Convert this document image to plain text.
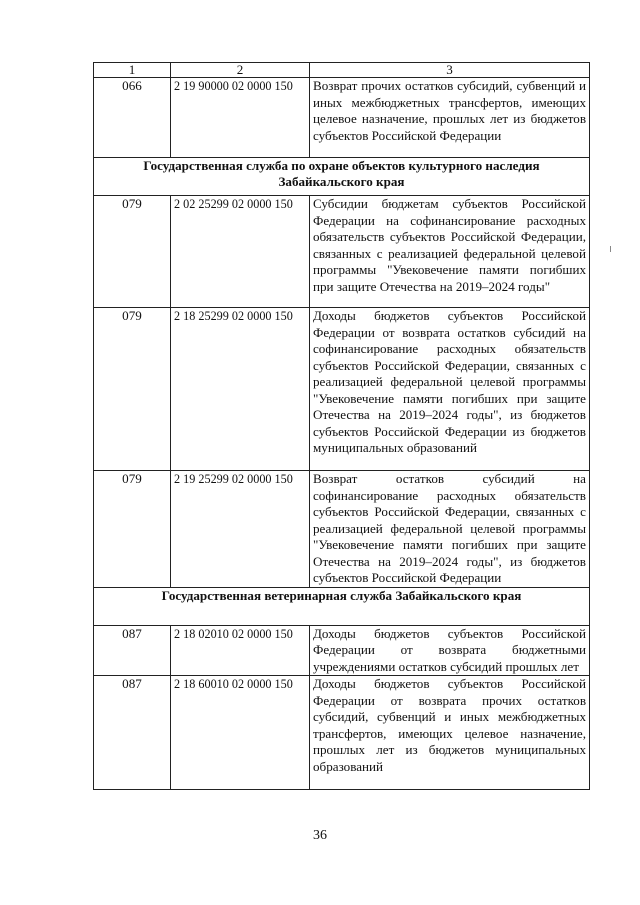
1	2	3
066	2 19 90000 02 0000 150	Возврат прочих остатков субсидий, субвенций и иных межбюджетных трансфертов, имеющих целевое назначение, прошлых лет из бюджетов субъектов Российской Федерации
Государственная служба по охране объектов культурного наследия Забайкальского края		
079	2 02 25299 02 0000 150	Субсидии бюджетам субъектов Российской Федерации на софинансирование расходных обязательств субъектов Российской Федерации, связанных с реализацией федеральной целевой программы "Увековечение памяти погибших при защите Отечества на 2019–2024 годы"
079	2 18 25299 02 0000 150	Доходы бюджетов субъектов Российской Федерации от возврата остатков субсидий на софинансирование расходных обязательств субъектов Российской Федерации, связанных с реализацией федеральной целевой программы "Увековечение памяти погибших при защите Отечества на 2019–2024 годы", из бюджетов субъектов Российской Федерации из бюджетов муниципальных образований
079	2 19 25299 02 0000 150	Возврат остатков субсидий на софинансирование расходных обязательств субъектов Российской Федерации, связанных с реализацией федеральной целевой программы "Увековечение памяти погибших при защите Отечества на 2019–2024 годы", из бюджетов субъектов Российской Федерации
Государственная ветеринарная служба Забайкальского края		
087	2 18 02010 02 0000 150	Доходы бюджетов субъектов Российской Федерации от возврата бюджетными учреждениями остатков субсидий прошлых лет
087	2 18 60010 02 0000 150	Доходы бюджетов субъектов Российской Федерации от возврата прочих остатков субсидий, субвенций и иных межбюджетных трансфертов, имеющих целевое назначение, прошлых лет из бюджетов муниципальных образований
36
